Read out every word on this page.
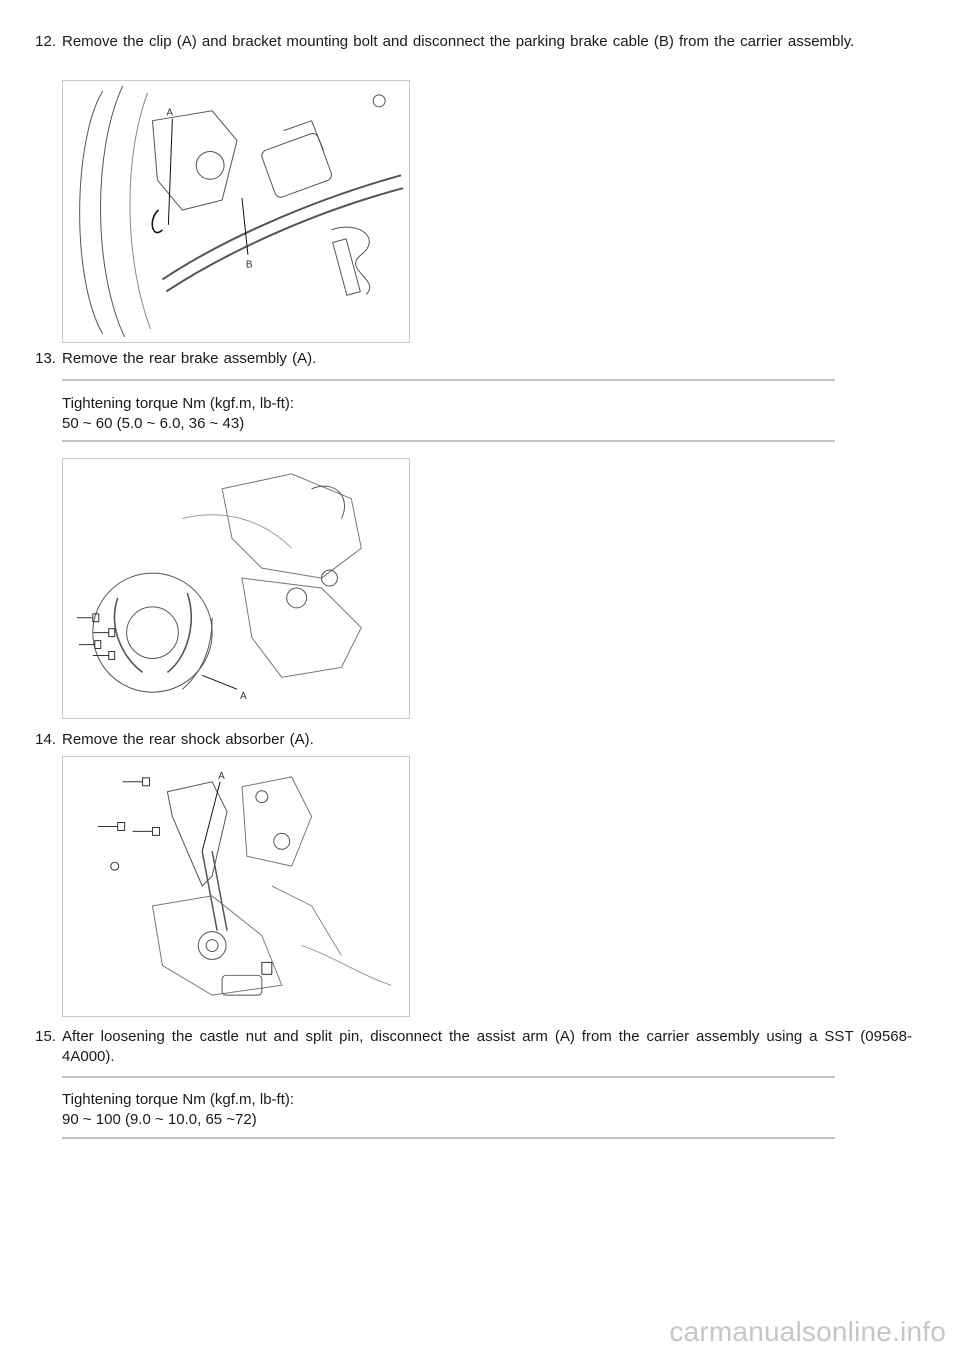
12. Remove the clip (A) and bracket mounting bolt and disconnect the parking brake cable (B) from the carrier assembly.
A
B
13. Remove the rear brake assembly (A).
Tightening torque Nm (kgf.m, lb-ft):
50 ~ 60 (5.0 ~ 6.0, 36 ~ 43)
A
14. Remove the rear shock absorber (A).
A
15. After loosening the castle nut and split pin, disconnect the assist arm (A) from the carrier assembly using a SST (09568-4A000).
Tightening torque Nm (kgf.m, lb-ft):
90 ~ 100 (9.0 ~ 10.0, 65 ~72)
carmanualsonline.info
